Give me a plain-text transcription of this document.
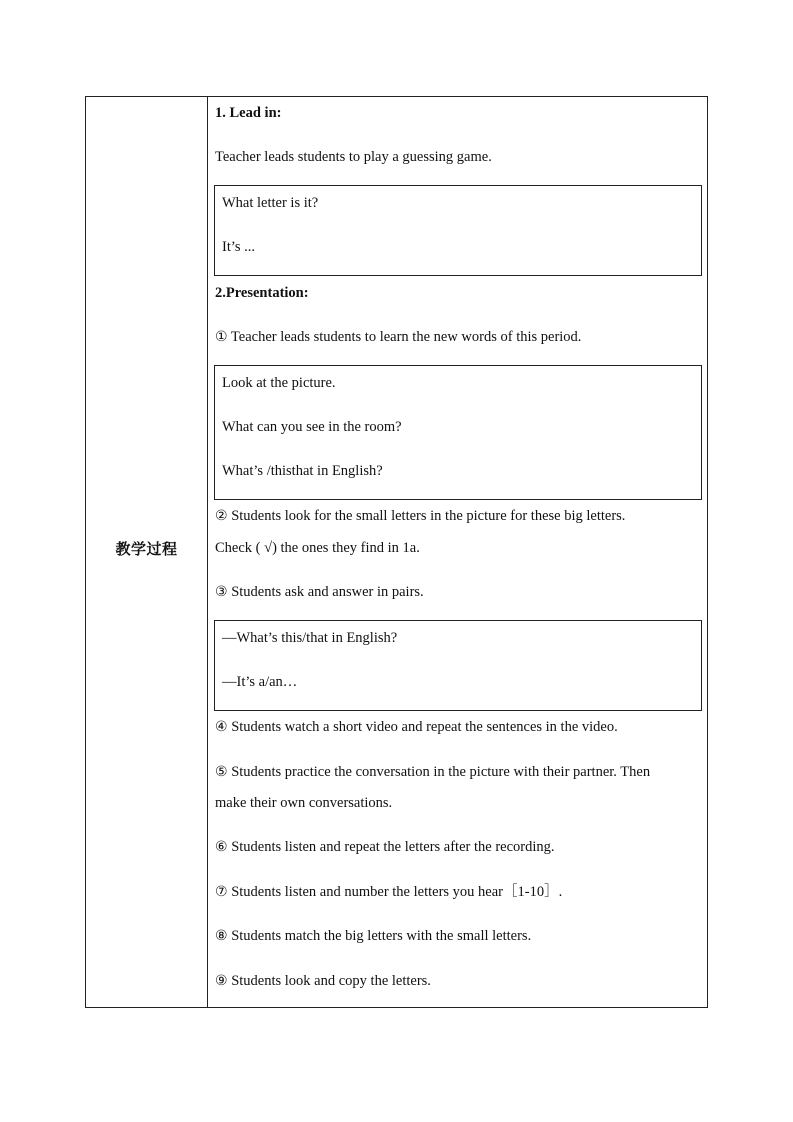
教学过程
1. Lead in:
Teacher leads students to play a guessing game.
What letter is it?
It’s ...
2.Presentation:
① Teacher leads students to learn the new words of this period.
Look at the picture.
What can you see in the room?
What’s /thisthat in English?
② Students look for the small letters in the picture for these big letters.
Check ( √) the ones they find in 1a.
③ Students ask and answer in pairs.
—What’s this/that in English?
—It’s a/an…
④ Students watch a short video and repeat the sentences in the video.
⑤ Students practice the conversation in the picture with their partner. Then
make their own conversations.
⑥ Students listen and repeat the letters after the recording.
⑦ Students listen and number the letters you hear［1-10］.
⑧ Students match the big letters with the small letters.
⑨ Students look and copy the letters.
